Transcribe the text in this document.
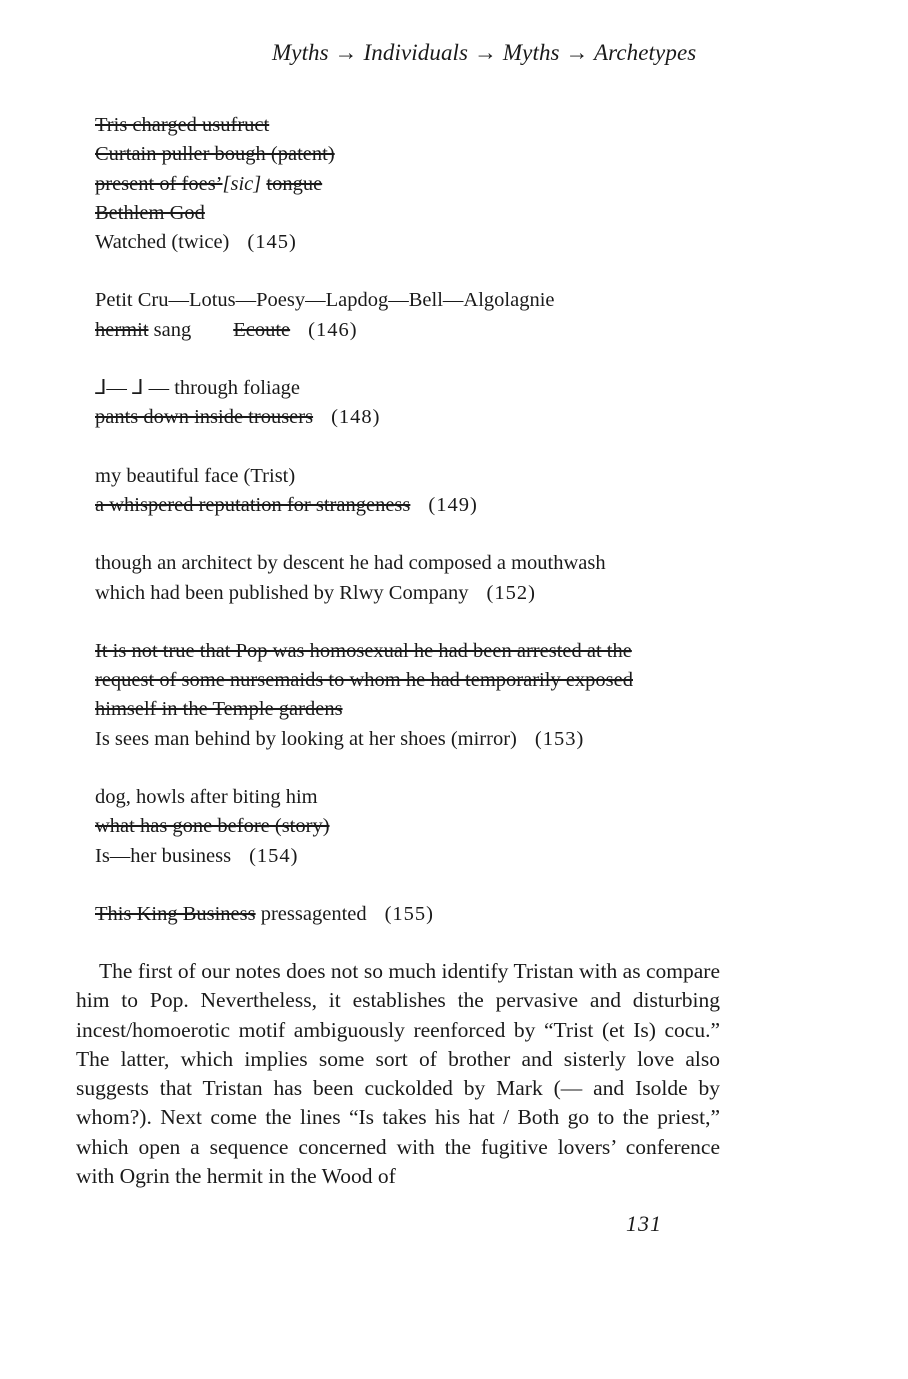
Myths → Individuals → Myths → Archetypes
Tris charged usufruct
Curtain puller bough (patent)
present of foes’[sic] tongue
Bethlem God
Watched (twice) (145)
Petit Cru—Lotus—Poesy—Lapdog—Bell—Algolagnie
hermit sang Ecoute (146)
⅃— ⅃ — through foliage
pants down inside trousers (148)
my beautiful face (Trist)
a whispered reputation for strangeness (149)
though an architect by descent he had composed a mouthwash
which had been published by Rlwy Company (152)
It is not true that Pop was homosexual he had been arrested at the
request of some nursemaids to whom he had temporarily exposed
himself in the Temple gardens
Is sees man behind by looking at her shoes (mirror) (153)
dog, howls after biting him
what has gone before (story)
Is—her business (154)
This King Business pressagented (155)
The first of our notes does not so much identify Tristan with as compare him to Pop. Nevertheless, it establishes the pervasive and disturbing incest/homoerotic motif ambiguously reenforced by “Trist (et Is) cocu.” The latter, which implies some sort of brother and sisterly love also suggests that Tristan has been cuckolded by Mark (— and Isolde by whom?). Next come the lines “Is takes his hat / Both go to the priest,” which open a sequence concerned with the fugitive lovers’ conference with Ogrin the hermit in the Wood of
131
